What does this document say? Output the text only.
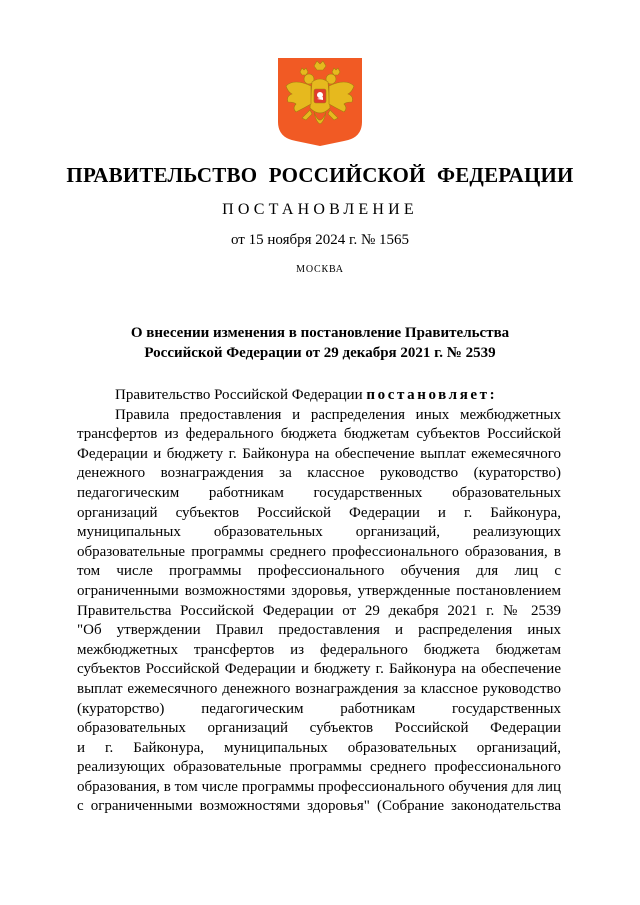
ПРАВИТЕЛЬСТВО РОССИЙСКОЙ ФЕДЕРАЦИИ
ПОСТАНОВЛЕНИЕ
от 15 ноября 2024 г. № 1565
МОСКВА
О внесении изменения в постановление Правительства
Российской Федерации от 29 декабря 2021 г. № 2539
Правительство Российской Федерации постановляет:
Правила предоставления и распределения иных межбюджетных
трансфертов из федерального бюджета бюджетам субъектов Российской
Федерации и бюджету г. Байконура на обеспечение выплат ежемесячного
денежного вознаграждения за классное руководство (кураторство)
педагогическим работникам государственных образовательных
организаций субъектов Российской Федерации и г. Байконура,
муниципальных образовательных организаций, реализующих
образовательные программы среднего профессионального образования, в
том числе программы профессионального обучения для лиц с
ограниченными возможностями здоровья, утвержденные постановлением
Правительства Российской Федерации от 29 декабря 2021 г. № 2539
"Об утверждении Правил предоставления и распределения иных
межбюджетных трансфертов из федерального бюджета бюджетам
субъектов Российской Федерации и бюджету г. Байконура на обеспечение
выплат ежемесячного денежного вознаграждения за классное руководство
(кураторство) педагогическим работникам государственных
образовательных организаций субъектов Российской Федерации
и г. Байконура, муниципальных образовательных организаций,
реализующих образовательные программы среднего профессионального
образования, в том числе программы профессионального обучения для лиц
с ограниченными возможностями здоровья" (Собрание законодательства
